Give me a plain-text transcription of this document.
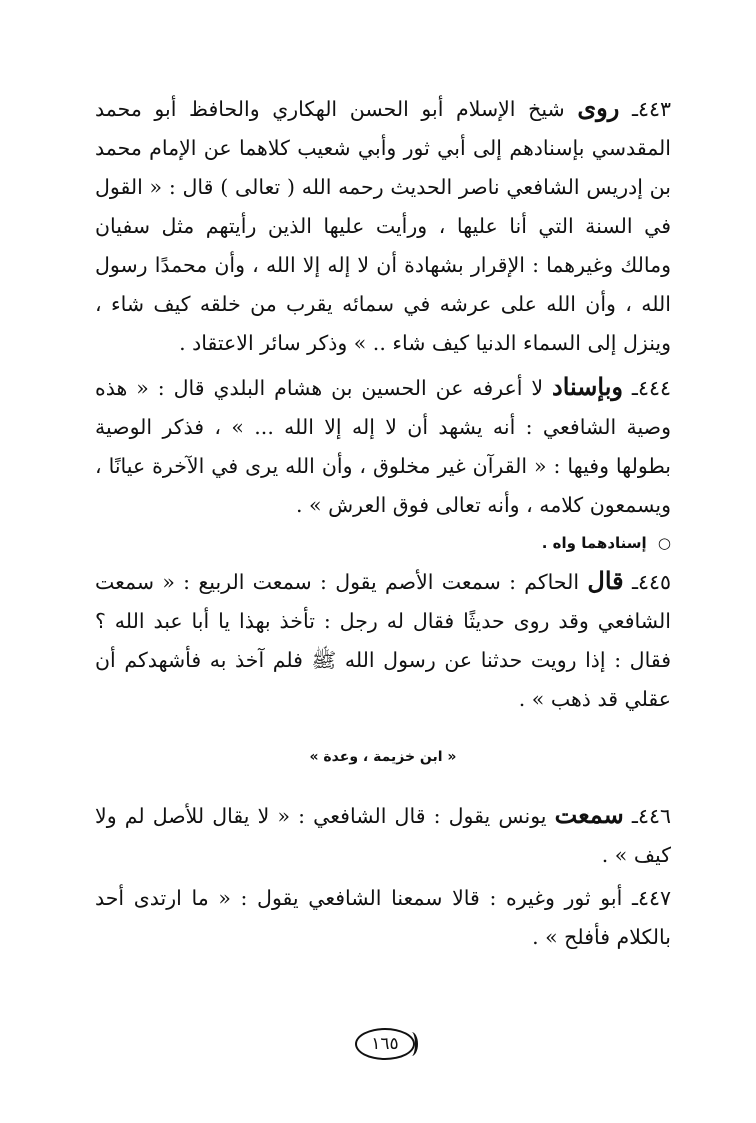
٤٤٣ـ روى شيخ الإسلام أبو الحسن الهكاري والحافظ أبو محمد المقدسي بإسنادهم إلى أبي ثور وأبي شعيب كلاهما عن الإمام محمد بن إدريس الشافعي ناصر الحديث رحمه الله ( تعالى ) قال : « القول في السنة التي أنا عليها ، ورأيت عليها الذين رأيتهم مثل سفيان ومالك وغيرهما : الإقرار بشهادة أن لا إله إلا الله ، وأن محمدًا رسول الله ، وأن الله على عرشه في سمائه يقرب من خلقه كيف شاء ، وينزل إلى السماء الدنيا كيف شاء .. » وذكر سائر الاعتقاد .

٤٤٤ـ وبإسناد لا أعرفه عن الحسين بن هشام البلدي قال : « هذه وصية الشافعي : أنه يشهد أن لا إله إلا الله ... » ، فذكر الوصية بطولها وفيها : « القرآن غير مخلوق ، وأن الله يرى في الآخرة عيانًا ، ويسمعون كلامه ، وأنه تعالى فوق العرش » .

○ إسنادهما واه .

٤٤٥ـ قال الحاكم : سمعت الأصم يقول : سمعت الربيع : « سمعت الشافعي وقد روى حديثًا فقال له رجل : تأخذ بهذا يا أبا عبد الله ؟ فقال : إذا رويت حدثنا عن رسول الله ﷺ فلم آخذ به فأشهدكم أن عقلي قد ذهب » .

« ابن خزيمة ، وعدة »

٤٤٦ـ سمعت يونس يقول : قال الشافعي : « لا يقال للأصل لم ولا كيف » .

٤٤٧ـ أبو ثور وغيره : قالا سمعنا الشافعي يقول : « ما ارتدى أحد بالكلام فأفلح » .

١٦٥
